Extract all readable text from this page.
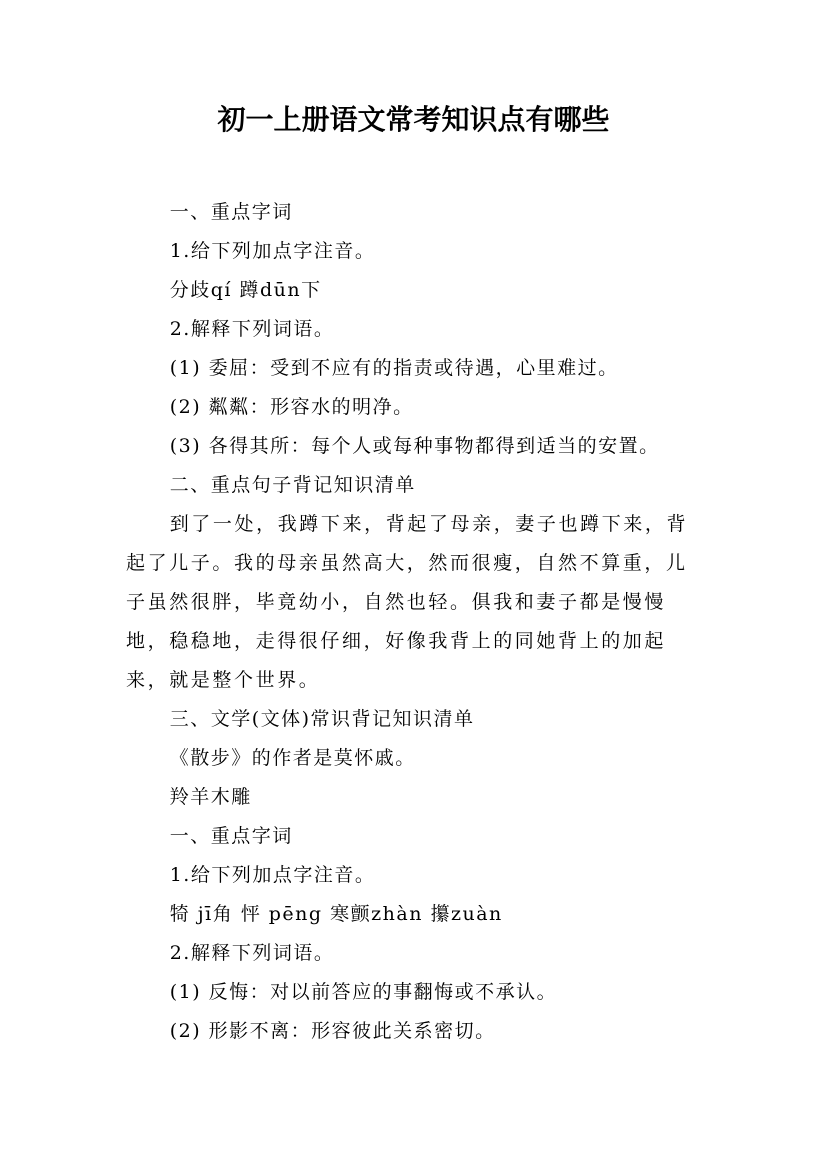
初一上册语文常考知识点有哪些

一、重点字词

1.给下列加点字注音。

分歧qí 蹲dūn下

2.解释下列词语。

(1) 委屈：受到不应有的指责或待遇，心里难过。

(2) 粼粼：形容水的明净。

(3) 各得其所：每个人或每种事物都得到适当的安置。

二、重点句子背记知识清单

到了一处，我蹲下来，背起了母亲，妻子也蹲下来，背起了儿子。我的母亲虽然高大，然而很瘦，自然不算重，儿子虽然很胖，毕竟幼小，自然也轻。俱我和妻子都是慢慢地，稳稳地，走得很仔细，好像我背上的同她背上的加起来，就是整个世界。

三、文学(文体)常识背记知识清单

《散步》的作者是莫怀戚。

羚羊木雕

一、重点字词

1.给下列加点字注音。

犄 jī角 怦 pēng 寒颤zhàn 攥zuàn

2.解释下列词语。

(1) 反悔：对以前答应的事翻悔或不承认。

(2) 形影不离：形容彼此关系密切。
